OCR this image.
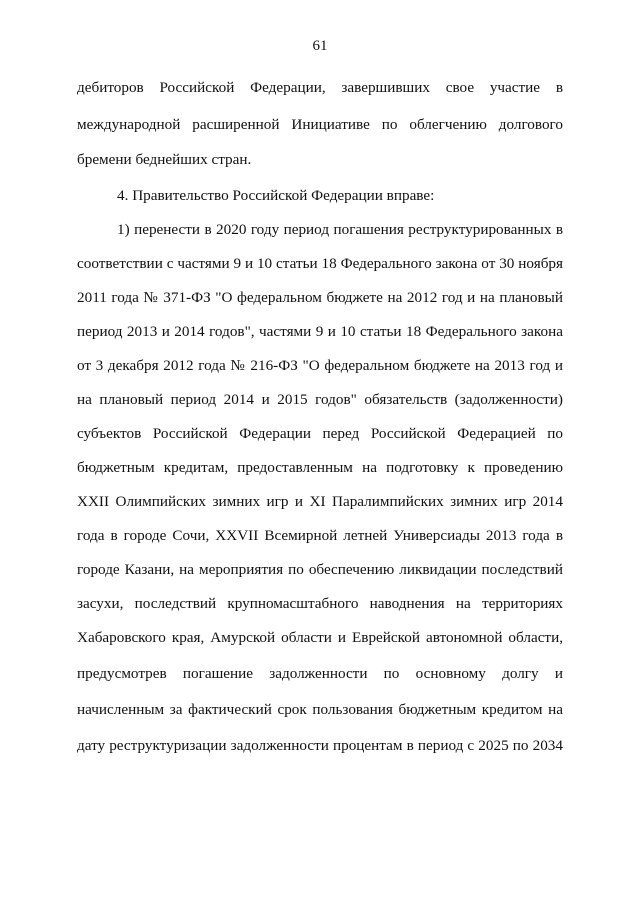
61
дебиторов Российской Федерации, завершивших свое участие в
международной расширенной Инициативе по облегчению долгового
бремени беднейших стран.
4. Правительство Российской Федерации вправе:
1) перенести в 2020 году период погашения реструктурированных в
соответствии с частями 9 и 10 статьи 18 Федерального закона от 30 ноября
2011 года № 371-ФЗ "О федеральном бюджете на 2012 год и на плановый
период 2013 и 2014 годов", частями 9 и 10 статьи 18 Федерального закона
от 3 декабря 2012 года № 216-ФЗ "О федеральном бюджете на 2013 год и
на плановый период 2014 и 2015 годов" обязательств (задолженности)
субъектов Российской Федерации перед Российской Федерацией по
бюджетным кредитам, предоставленным на подготовку к проведению
XXII Олимпийских зимних игр и XI Паралимпийских зимних игр 2014
года в городе Сочи, XXVII Всемирной летней Универсиады 2013 года в
городе Казани, на мероприятия по обеспечению ликвидации последствий
засухи, последствий крупномасштабного наводнения на территориях
Хабаровского края, Амурской области и Еврейской автономной области,
предусмотрев погашение задолженности по основному долгу и
начисленным за фактический срок пользования бюджетным кредитом на
дату реструктуризации задолженности процентам в период с 2025 по 2034
